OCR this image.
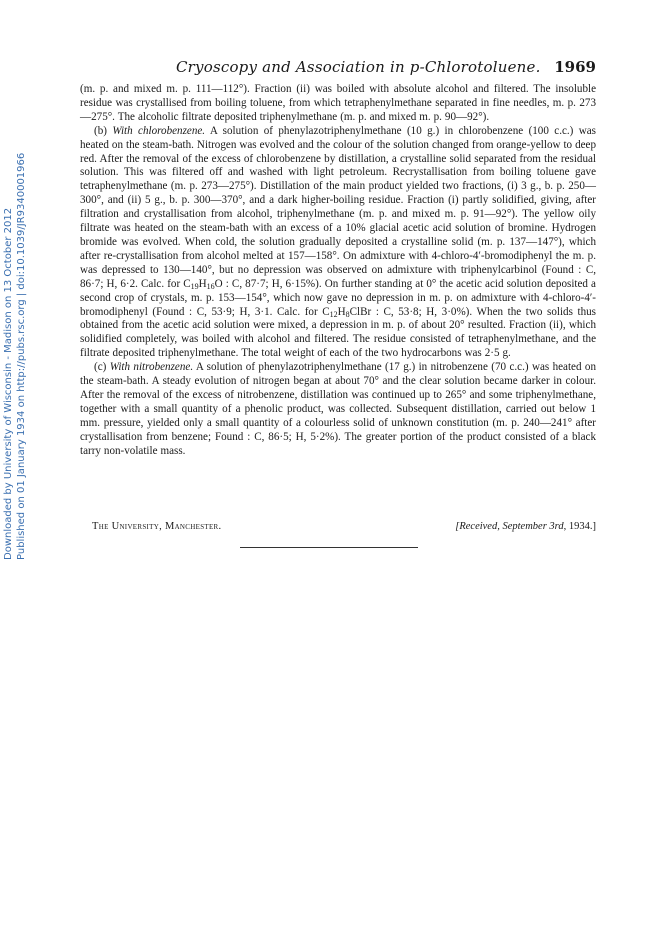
Downloaded by University of Wisconsin - Madison on 13 October 2012 Published on 01 January 1934 on http://pubs.rsc.org | doi:10.1039/JR9340001966
Cryoscopy and Association in p-Chlorotoluene. 1969

(m. p. and mixed m. p. 111—112°). Fraction (ii) was boiled with absolute alcohol and filtered. The insoluble residue was crystallised from boiling toluene, from which tetraphenylmethane separated in fine needles, m. p. 273—275°. The alcoholic filtrate deposited triphenylmethane (m. p. and mixed m. p. 90—92°).

(b) With chlorobenzene. A solution of phenylazotriphenylmethane (10 g.) in chlorobenzene (100 c.c.) was heated on the steam-bath. Nitrogen was evolved and the colour of the solution changed from orange-yellow to deep red. After the removal of the excess of chlorobenzene by distillation, a crystalline solid separated from the residual solution. This was filtered off and washed with light petroleum. Recrystallisation from boiling toluene gave tetraphenylmethane (m. p. 273—275°). Distillation of the main product yielded two fractions, (i) 3 g., b. p. 250—300°, and (ii) 5 g., b. p. 300—370°, and a dark higher-boiling residue. Fraction (i) partly solidified, giving, after filtration and crystallisation from alcohol, triphenylmethane (m. p. and mixed m. p. 91—92°). The yellow oily filtrate was heated on the steam-bath with an excess of a 10% glacial acetic acid solution of bromine. Hydrogen bromide was evolved. When cold, the solution gradually deposited a crystalline solid (m. p. 137—147°), which after re-crystallisation from alcohol melted at 157—158°. On admixture with 4-chloro-4′-bromodiphenyl the m. p. was depressed to 130—140°, but no depression was observed on admixture with triphenylcarbinol (Found : C, 86·7; H, 6·2. Calc. for $C_{19}H_{16}O$ : C, 87·7; H, 6·15%). On further standing at 0° the acetic acid solution deposited a second crop of crystals, m. p. 153—154°, which now gave no depression in m. p. on admixture with 4-chloro-4′-bromodiphenyl (Found : C, 53·9; H, 3·1. Calc. for $C_{12}H_8ClBr$ : C, 53·8; H, 3·0%). When the two solids thus obtained from the acetic acid solution were mixed, a depression in m. p. of about 20° resulted. Fraction (ii), which solidified completely, was boiled with alcohol and filtered. The residue consisted of tetraphenylmethane, and the filtrate deposited triphenylmethane. The total weight of each of the two hydrocarbons was 2·5 g.

(c) With nitrobenzene. A solution of phenylazotriphenylmethane (17 g.) in nitrobenzene (70 c.c.) was heated on the steam-bath. A steady evolution of nitrogen began at about 70° and the clear solution became darker in colour. After the removal of the excess of nitrobenzene, distillation was continued up to 265° and some triphenylmethane, together with a small quantity of a phenolic product, was collected. Subsequent distillation, carried out below 1 mm. pressure, yielded only a small quantity of a colourless solid of unknown constitution (m. p. 240—241° after crystallisation from benzene; Found : C, 86·5; H, 5·2%). The greater portion of the product consisted of a black tarry non-volatile mass.

The University, Manchester.	[Received, September 3rd, 1934.]
